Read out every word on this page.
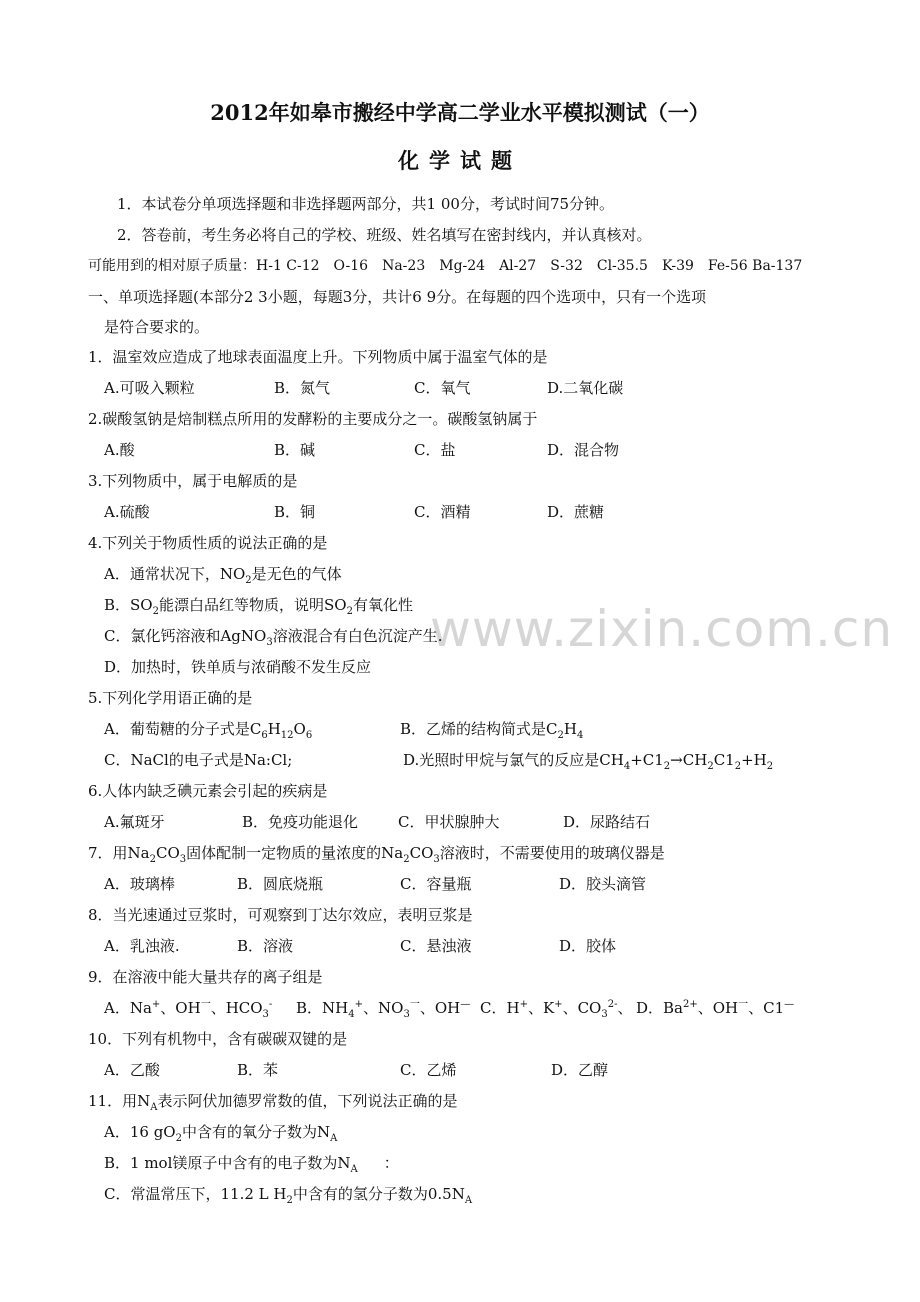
www.zixin.com.cn
2012年如皋市搬经中学高二学业水平模拟测试（一）
化学试题
1．本试卷分单项选择题和非选择题两部分，共1 00分，考试时间75分钟。
2．答卷前，考生务必将自己的学校、班级、姓名填写在密封线内，并认真核对。
可能用到的相对原子质量：H-1 C-12　O-16　Na-23　Mg-24　Al-27　S-32　Cl-35.5　K-39　Fe-56 Ba-137
一、单项选择题(本部分2 3小题，每题3分，共计6 9分。在每题的四个选项中，只有一个选项
是符合要求的。
1．温室效应造成了地球表面温度上升。下列物质中属于温室气体的是
A.可吸入颗粒	B．氮气	C．氧气	D.二氧化碳
2.碳酸氢钠是焙制糕点所用的发酵粉的主要成分之一。碳酸氢钠属于
A.酸	B．碱	C．盐	D．混合物
3.下列物质中，属于电解质的是
A.硫酸	B．铜	C．酒精	D．蔗糖
4.下列关于物质性质的说法正确的是
A．通常状况下，$NO_2$是无色的气体
B．$SO_2$能漂白品红等物质，说明$SO_2$有氧化性
C．氯化钙溶液和AgNO$_3$溶液混合有白色沉淀产生.
D．加热时，铁单质与浓硝酸不发生反应
5.下列化学用语正确的是
A．葡萄糖的分子式是$C_6H_{12}O_6$	B．乙烯的结构简式是$C_2H_4$
C．NaCl的电子式是Na:Cl;	D.光照时甲烷与氯气的反应是$CH_4+C1_2\to CH_2C1_2+H_2$
6.人体内缺乏碘元素会引起的疾病是
A.氟斑牙	B．免疫功能退化	C．甲状腺肿大	D．尿路结石
7．用$Na_2CO_3$固体配制一定物质的量浓度的$Na_2CO_3$溶液时，不需要使用的玻璃仪器是
A．玻璃棒	B．圆底烧瓶	C．容量瓶	D．胶头滴管
8．当光速通过豆浆时，可观察到丁达尔效应，表明豆浆是
A．乳浊液.	B．溶液	C．悬浊液	D．胶体
9．在溶液中能大量共存的离子组是
A．Na+、$OH^一$、$HCO_3^-$ B．$NH_4^+$、$NO_3^一$、OH— C．H+、K+、$CO_3^{2-}$、 D．$Ba^{2+}$、$OH^一$、C1—
10．下列有机物中，含有碳碳双键的是
A．乙酸	B．苯	C．乙烯	D．乙醇
11．用$N_A$表示阿伏加德罗常数的值，下列说法正确的是
A．16 $gO_2$中含有的氧分子数为$N_A$
B．1 mol镁原子中含有的电子数为$N_A$ ：
C．常温常压下，11.2 L $H_2$中含有的氢分子数为$0.5N_A$
